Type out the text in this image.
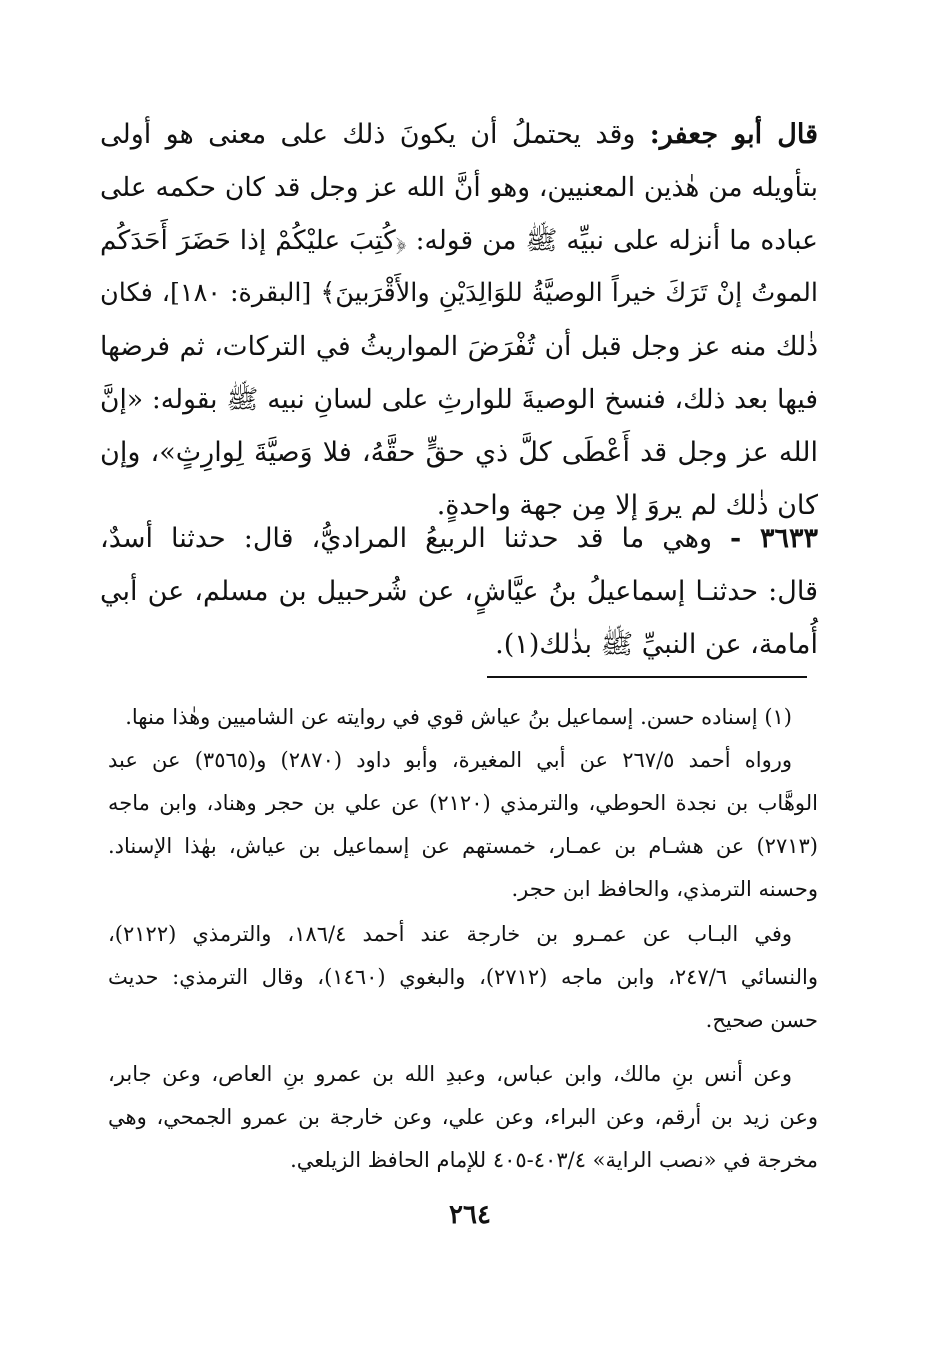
قال أبو جعفر: وقد يحتملُ أن يكونَ ذلك على معنى هو أولى
بتأويله من هٰذين المعنيين، وهو أنَّ الله عز وجل قد كان حكمه على
عباده ما أنزله على نبيِّه ﷺ من قوله: ﴿كُتِبَ عليْكُمْ إذا حَضَرَ أَحَدَكُم
الموتُ إنْ تَرَكَ خيراً الوصيَّةُ للوَالِدَيْنِ والأَقْرَبينَ﴾ [البقرة: ١٨٠]، فكان
ذٰلك منه عز وجل قبل أن تُفْرَضَ المواريثُ في التركات، ثم فرضها
فيها بعد ذلك، فنسخ الوصيةَ للوارثِ على لسانِ نبيه ﷺ بقوله: «إنَّ
الله عز وجل قد أَعْطَى كلَّ ذي حقٍّ حقَّهُ، فلا وَصيَّةَ لِوارِثٍ»، وإن
كان ذٰلك لم يروَ إلا مِن جهة واحدةٍ.
٣٦٣٣ - وهي ما قد حدثنا الربيعُ المراديُّ، قال: حدثنا أسدٌ،
قال: حدثنـا إسماعيلُ بنُ عيَّاشٍ، عن شُرحبيل بن مسلم، عن أبي
أُمامة، عن النبيِّ ﷺ بذٰلك(١).
(١) إسناده حسن. إسماعيل بنُ عياش قوي في روايته عن الشاميين وهٰذا منها.
ورواه أحمد ٢٦٧/٥ عن أبي المغيرة، وأبو داود (٢٨٧٠) و(٣٥٦٥) عن عبد
الوهَّاب بن نجدة الحوطي، والترمذي (٢١٢٠) عن علي بن حجر وهناد، وابن ماجه
(٢٧١٣) عن هشـام بن عمـار، خمستهم عن إسماعيل بن عياش، بهٰذا الإسناد.
وحسنه الترمذي، والحافظ ابن حجر.
وفي البـاب عن عمـرو بن خارجة عند أحمد ١٨٦/٤، والترمذي (٢١٢٢)،
والنسائي ٢٤٧/٦، وابن ماجه (٢٧١٢)، والبغوي (١٤٦٠)، وقال الترمذي: حديث
حسن صحيح.
وعن أنس بنِ مالك، وابن عباس، وعبدِ الله بن عمرو بنِ العاص، وعن جابر،
وعن زيد بن أرقم، وعن البراء، وعن علي، وعن خارجة بن عمرو الجمحي، وهي
مخرجة في «نصب الراية» ٤٠٣/٤-٤٠٥ للإمام الحافظ الزيلعي.
٢٦٤
